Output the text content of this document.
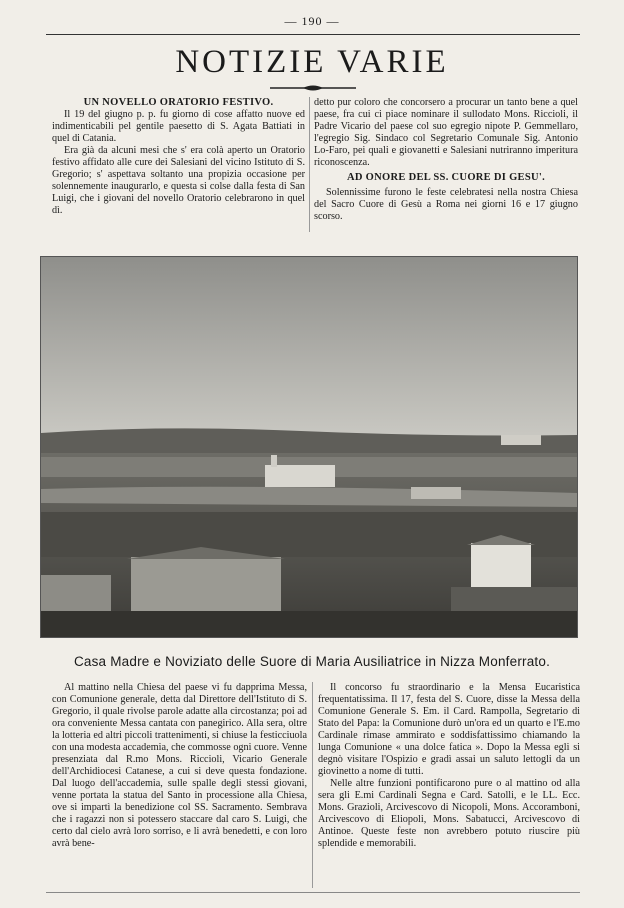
— 190 —
NOTIZIE VARIE

UN NOVELLO ORATORIO FESTIVO.

Il 19 del giugno p. p. fu giorno di cose affatto nuove ed indimenticabili pel gentile paesetto di S. Agata Battiati in quel di Catania.

Era già da alcuni mesi che s' era colà aperto un Oratorio festivo affidato alle cure dei Salesiani del vicino Istituto di S. Gregorio; s' aspettava soltanto una propizia occasione per solennemente inaugurarlo, e questa si colse dalla festa di San Luigi, che i giovani del novello Oratorio celebrarono in quel dì.

detto pur coloro che concorsero a procurar un tanto bene a quel paese, fra cui ci piace nominare il sullodato Mons. Riccioli, il Padre Vicario del paese col suo egregio nipote P. Gemmellaro, l'egregio Sig. Sindaco col Segretario Comunale Sig. Antonio Lo-Faro, pei quali e giovanetti e Salesiani nutriranno imperitura riconoscenza.

AD ONORE DEL SS. CUORE DI GESU'.

Solennissime furono le feste celebratesi nella nostra Chiesa del Sacro Cuore di Gesù a Roma nei giorni 16 e 17 giugno scorso.

Casa Madre e Noviziato delle Suore di Maria Ausiliatrice in Nizza Monferrato.

Al mattino nella Chiesa del paese vi fu dapprima Messa, con Comunione generale, detta dal Direttore dell'Istituto di S. Gregorio, il quale rivolse parole adatte alla circostanza; poi ad ora conveniente Messa cantata con panegirico. Alla sera, oltre la lotteria ed altri piccoli trattenimenti, si chiuse la festicciuola con una modesta accademia, che commosse ogni cuore. Venne presenziata dal R.mo Mons. Riccioli, Vicario Generale dell'Archidiocesi Catanese, a cui si deve questa fondazione. Dal luogo dell'accademia, sulle spalle degli stessi giovani, venne portata la statua del Santo in processione alla Chiesa, ove si impartì la benedizione col SS. Sacramento. Sembrava che i ragazzi non si potessero staccare dal caro S. Luigi, che certo dal cielo avrà loro sorriso, e li avrà benedetti, e con loro avrà bene-

Il concorso fu straordinario e la Mensa Eucaristica frequentatissima. Il 17, festa del S. Cuore, disse la Messa della Comunione Generale S. Em. il Card. Rampolla, Segretario di Stato del Papa: la Comunione durò un'ora ed un quarto e l'E.mo Cardinale rimase ammirato e soddisfattissimo chiamando la lunga Comunione « una dolce fatica ». Dopo la Messa egli si degnò visitare l'Ospizio e gradì assai un saluto lettogli da un giovinetto a nome di tutti.

Nelle altre funzioni pontificarono pure o al mattino od alla sera gli E.mi Cardinali Segna e Card. Satolli, e le LL. Ecc. Mons. Grazioli, Arcivescovo di Nicopoli, Mons. Accoramboni, Arcivescovo di Eliopoli, Mons. Sabatucci, Arcivescovo di Antinoe. Queste feste non avrebbero potuto riuscire più splendide e memorabili.
